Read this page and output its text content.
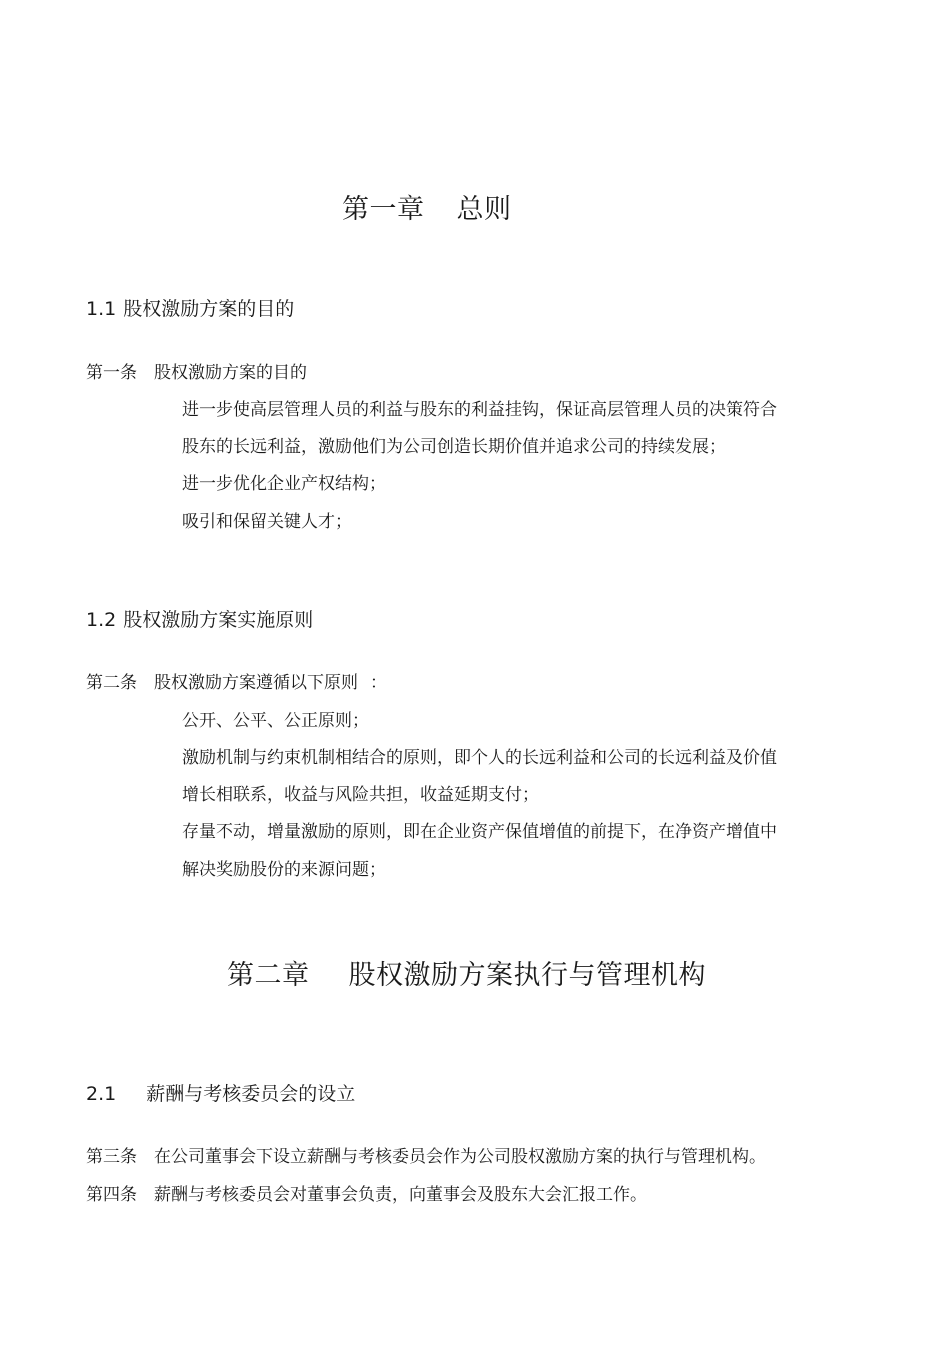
第一章 总则
1.1 股权激励方案的目的
第一条 股权激励方案的目的
进一步使高层管理人员的利益与股东的利益挂钩，保证高层管理人员的决策符合
股东的长远利益，激励他们为公司创造长期价值并追求公司的持续发展；
进一步优化企业产权结构；
吸引和保留关键人才；
1.2 股权激励方案实施原则
第二条 股权激励方案遵循以下原则 ：
公开、公平、公正原则；
激励机制与约束机制相结合的原则，即个人的长远利益和公司的长远利益及价值
增长相联系，收益与风险共担，收益延期支付；
存量不动，增量激励的原则，即在企业资产保值增值的前提下，在净资产增值中
解决奖励股份的来源问题；
第二章 股权激励方案执行与管理机构
2.1 薪酬与考核委员会的设立
第三条 在公司董事会下设立薪酬与考核委员会作为公司股权激励方案的执行与管理机构。
第四条 薪酬与考核委员会对董事会负责，向董事会及股东大会汇报工作。
